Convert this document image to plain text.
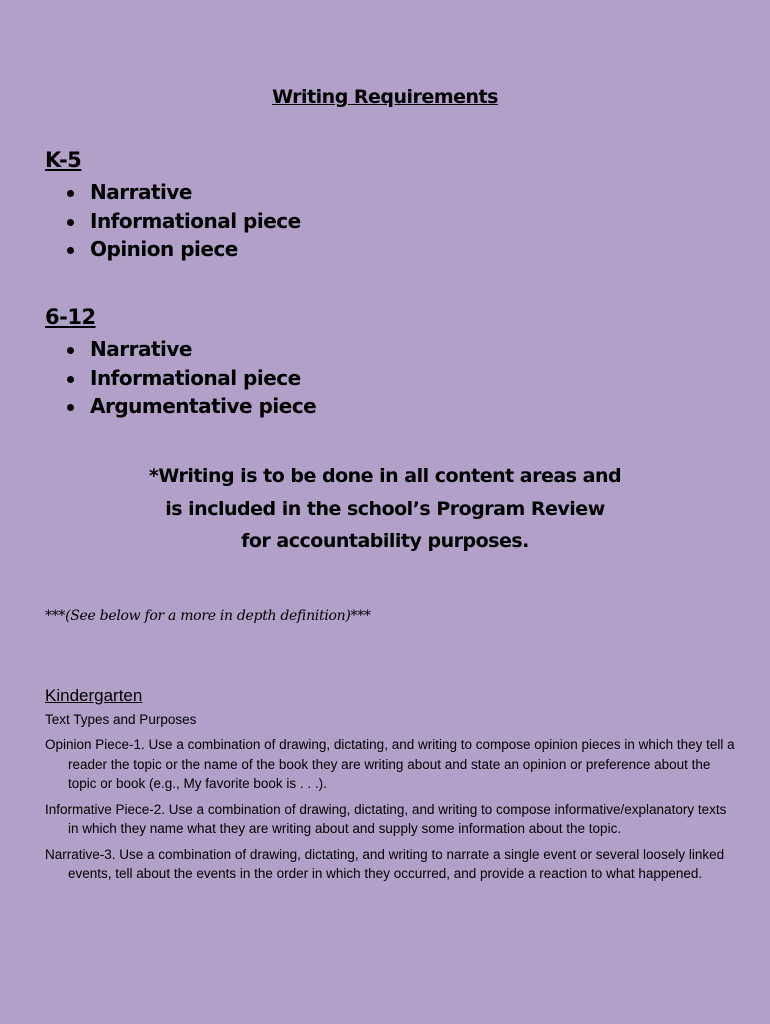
Writing Requirements
K-5
Narrative
Informational piece
Opinion piece
6-12
Narrative
Informational piece
Argumentative piece
*Writing is to be done in all content areas and
is included in the school’s Program Review
for accountability purposes.
***(See below for a more in depth definition)***
Kindergarten
Text Types and Purposes
Opinion Piece-1. Use a combination of drawing, dictating, and writing to compose opinion pieces in which they tell a reader the topic or the name of the book they are writing about and state an opinion or preference about the topic or book (e.g., My favorite book is . . .).
Informative Piece-2. Use a combination of drawing, dictating, and writing to compose informative/explanatory texts in which they name what they are writing about and supply some information about the topic.
Narrative-3. Use a combination of drawing, dictating, and writing to narrate a single event or several loosely linked events, tell about the events in the order in which they occurred, and provide a reaction to what happened.
